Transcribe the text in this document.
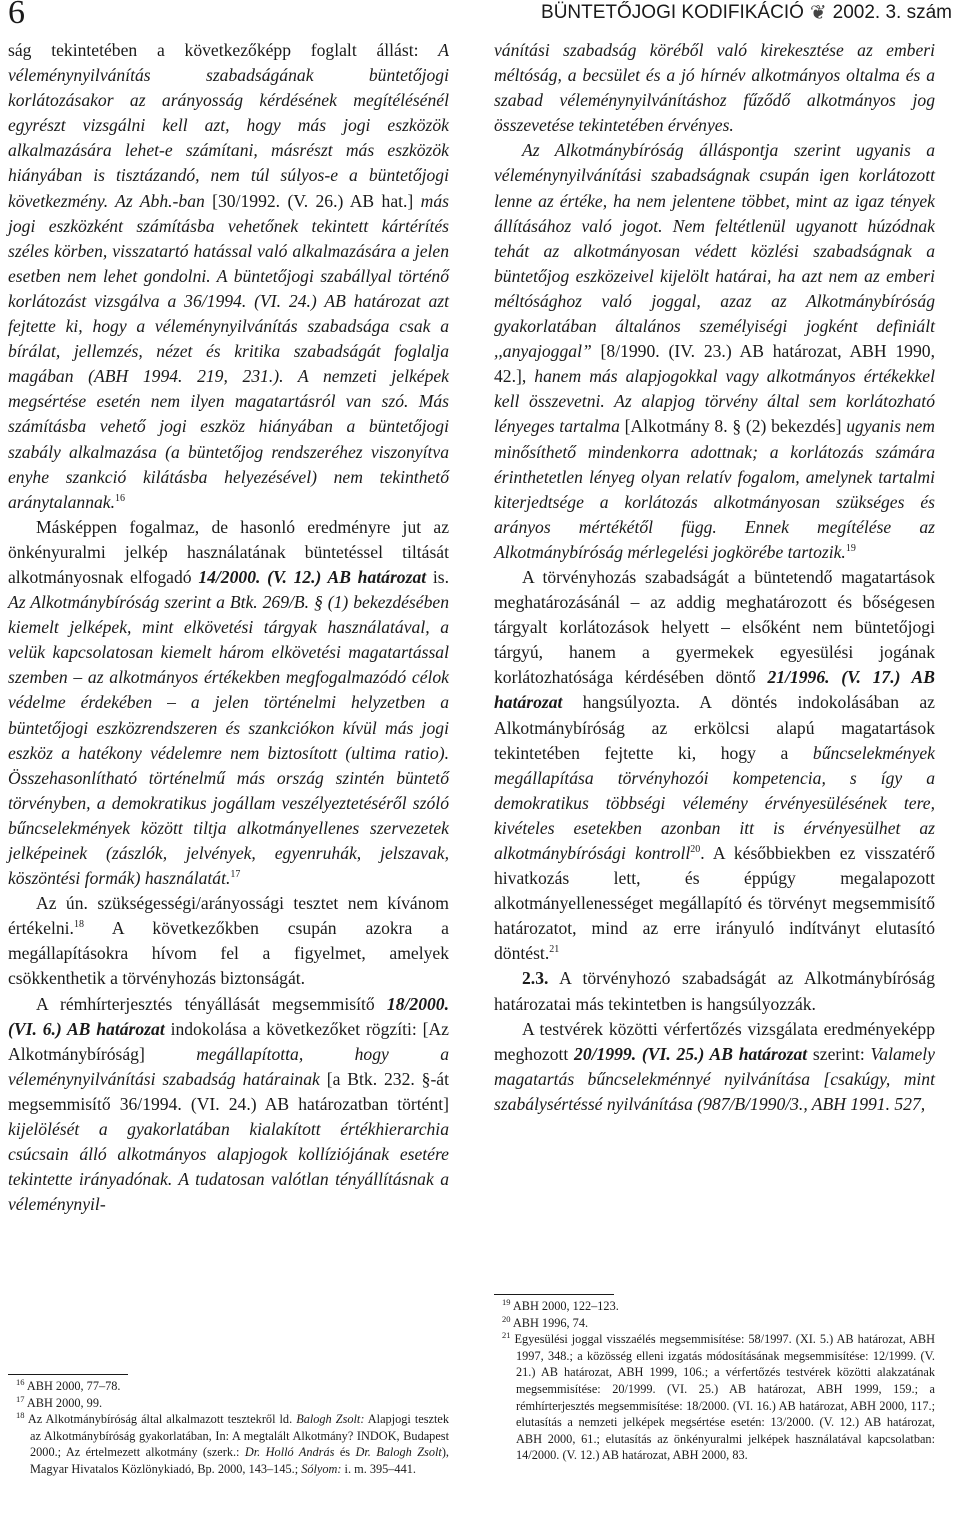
6	BÜNTETŐJOGI KODIFIKÁCIÓ ❦ 2002. 3. szám

ság tekintetében a következőképp foglalt állást: A véleménynyilvánítás szabadságának büntetőjogi korlátozásakor az arányosság kérdésének megítélésénél egyrészt vizsgálni kell azt, hogy más jogi eszközök alkalmazására lehet-e számítani, másrészt más eszközök hiányában is tisztázandó, nem túl súlyos-e a büntetőjogi következmény. Az Abh.-ban [30/1992. (V. 26.) AB hat.] más jogi eszközként számításba vehetőnek tekintett kártérítés széles körben, visszatartó hatással való alkalmazására a jelen esetben nem lehet gondolni. A büntetőjogi szabállyal történő korlátozást vizsgálva a 36/1994. (VI. 24.) AB határozat azt fejtette ki, hogy a véleménynyilvánítás szabadsága csak a bírálat, jellemzés, nézet és kritika szabadságát foglalja magában (ABH 1994. 219, 231.). A nemzeti jelképek megsértése esetén nem ilyen magatartásról van szó. Más számításba vehető jogi eszköz hiányában a büntetőjogi szabály alkalmazása (a büntetőjog rendszeréhez viszonyítva enyhe szankció kilátásba helyezésével) nem tekinthető aránytalannak.$^{16}$

Másképpen fogalmaz, de hasonló eredményre jut az önkényuralmi jelkép használatának büntetéssel tiltását alkotmányosnak elfogadó 14/2000. (V. 12.) AB határozat is. Az Alkotmánybíróság szerint a Btk. 269/B. § (1) bekezdésében kiemelt jelképek, mint elkövetési tárgyak használatával, a velük kapcsolatosan kiemelt három elkövetési magatartással szemben – az alkotmányos értékekben megfogalmazódó célok védelme érdekében – a jelen történelmi helyzetben a büntetőjogi eszközrendszeren és szankciókon kívül más jogi eszköz a hatékony védelemre nem biztosított (ultima ratio). Összehasonlítható történelmű más ország szintén büntető törvényben, a demokratikus jogállam veszélyeztetéséről szóló bűncselekmények között tiltja alkotmányellenes szervezetek jelképeinek (zászlók, jelvények, egyenruhák, jelszavak, köszöntési formák) használatát.$^{17}$

Az ún. szükségességi/arányossági tesztet nem kívánom értékelni.$^{18}$ A következőkben csupán azokra a megállapításokra hívom fel a figyelmet, amelyek csökkenthetik a törvényhozás biztonságát.

A rémhírterjesztés tényállását megsemmisítő 18/2000. (VI. 6.) AB határozat indokolása a következőket rögzíti: [Az Alkotmánybíróság] megállapította, hogy a véleménynyilvánítási szabadság határainak [a Btk. 232. §-át megsemmisítő 36/1994. (VI. 24.) AB határozatban történt] kijelölését a gyakorlatában kialakított értékhierarchia csúcsain álló alkotmányos alapjogok kollíziójának esetére tekintette irányadónak. A tudatosan valótlan tényállításnak a véleménynyil-

vánítási szabadság köréből való kirekesztése az emberi méltóság, a becsület és a jó hírnév alkotmányos oltalma és a szabad véleménynyilvánításhoz fűződő alkotmányos jog összevetése tekintetében érvényes.

Az Alkotmánybíróság álláspontja szerint ugyanis a véleménynyilvánítási szabadságnak csupán igen korlátozott lenne az értéke, ha nem jelentene többet, mint az igaz tények állításához való jogot. Nem feltétlenül ugyanott húzódnak tehát az alkotmányosan védett közlési szabadságnak a büntetőjog eszközeivel kijelölt határai, ha azt nem az emberi méltósághoz való joggal, azaz az Alkotmánybíróság gyakorlatában általános személyiségi jogként definiált ,,anyajoggal” [8/1990. (IV. 23.) AB határozat, ABH 1990, 42.], hanem más alapjogokkal vagy alkotmányos értékekkel kell összevetni. Az alapjog törvény által sem korlátozható lényeges tartalma [Alkotmány 8. § (2) bekezdés] ugyanis nem minősíthető mindenkorra adottnak; a korlátozás számára érinthetetlen lényeg olyan relatív fogalom, amelynek tartalmi kiterjedtsége a korlátozás alkotmányosan szükséges és arányos mértékétől függ. Ennek megítélése az Alkotmánybíróság mérlegelési jogkörébe tartozik.$^{19}$

A törvényhozás szabadságát a büntetendő magatartások meghatározásánál – az addig meghatározott és bőségesen tárgyalt korlátozások helyett – elsőként nem büntetőjogi tárgyú, hanem a gyermekek egyesülési jogának korlátozhatósága kérdésében döntő 21/1996. (V. 17.) AB határozat hangsúlyozta. A döntés indokolásában az Alkotmánybíróság az erkölcsi alapú magatartások tekintetében fejtette ki, hogy a bűncselekmények megállapítása törvényhozói kompetencia, s így a demokratikus többségi vélemény érvényesülésének tere, kivételes esetekben azonban itt is érvényesülhet az alkotmánybírósági kontroll$^{20}$. A későbbiekben ez visszatérő hivatkozás lett, és éppúgy megalapozott alkotmányellenességet megállapító és törvényt megsemmisítő határozatot, mind az erre irányuló indítványt elutasító döntést.$^{21}$

2.3. A törvényhozó szabadságát az Alkotmánybíróság határozatai más tekintetben is hangsúlyozzák.

A testvérek közötti vérfertőzés vizsgálata eredményeképp meghozott 20/1999. (VI. 25.) AB határozat szerint: Valamely magatartás bűncselekménnyé nyilvánítása [csakúgy, mint szabálysértéssé nyilvánítása (987/B/1990/3., ABH 1991. 527,

$^{16}$ ABH 2000, 77–78.

$^{17}$ ABH 2000, 99.

$^{18}$ Az Alkotmánybíróság által alkalmazott tesztekről ld. Balogh Zsolt: Alapjogi tesztek az Alkotmánybíróság gyakorlatában, In: A megtalált Alkotmány? INDOK, Budapest 2000.; Az értelmezett alkotmány (szerk.: Dr. Holló András és Dr. Balogh Zsolt), Magyar Hivatalos Közlönykiadó, Bp. 2000, 143–145.; Sólyom: i. m. 395–441.

$^{19}$ ABH 2000, 122–123.

$^{20}$ ABH 1996, 74.

$^{21}$ Egyesülési joggal visszaélés megsemmisítése: 58/1997. (XI. 5.) AB határozat, ABH 1997, 348.; a közösség elleni izgatás módosításának megsemmisítése: 12/1999. (V. 21.) AB határozat, ABH 1999, 106.; a vérfertőzés testvérek közötti alakzatának megsemmisítése: 20/1999. (VI. 25.) AB határozat, ABH 1999, 159.; a rémhírterjesztés megsemmisítése: 18/2000. (VI. 16.) AB határozat, ABH 2000, 117.; elutasítás a nemzeti jelképek megsértése esetén: 13/2000. (V. 12.) AB határozat, ABH 2000, 61.; elutasítás az önkényuralmi jelképek használatával kapcsolatban: 14/2000. (V. 12.) AB határozat, ABH 2000, 83.
